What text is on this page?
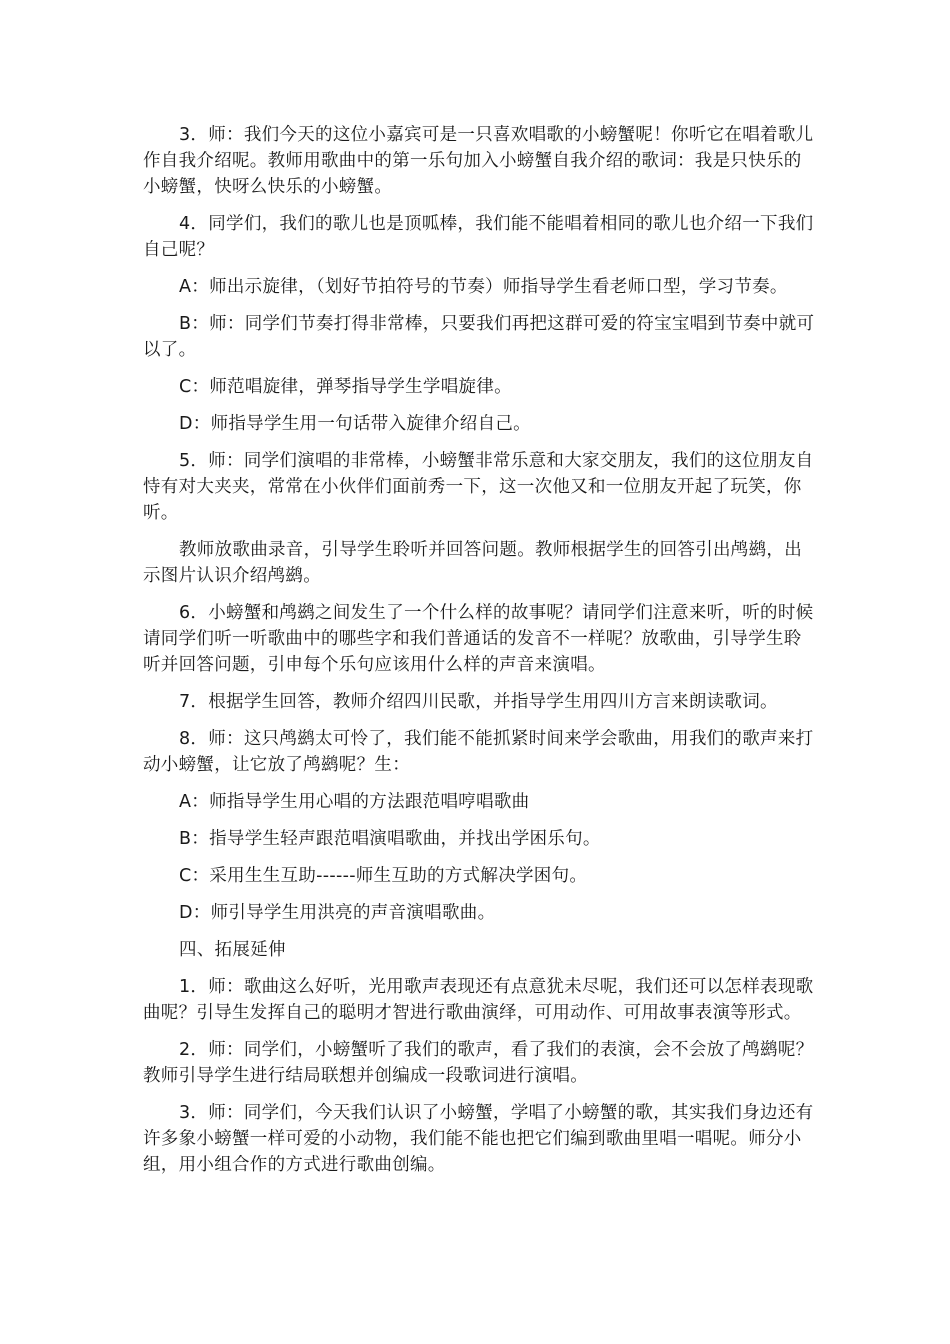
3．师：我们今天的这位小嘉宾可是一只喜欢唱歌的小螃蟹呢！你听它在唱着歌儿作自我介绍呢。教师用歌曲中的第一乐句加入小螃蟹自我介绍的歌词：我是只快乐的小螃蟹，快呀么快乐的小螃蟹。

4．同学们，我们的歌儿也是顶呱棒，我们能不能唱着相同的歌儿也介绍一下我们自己呢？

A：师出示旋律，（划好节拍符号的节奏）师指导学生看老师口型，学习节奏。

B：师：同学们节奏打得非常棒，只要我们再把这群可爱的符宝宝唱到节奏中就可以了。

C：师范唱旋律，弹琴指导学生学唱旋律。

D：师指导学生用一句话带入旋律介绍自己。

5．师：同学们演唱的非常棒，小螃蟹非常乐意和大家交朋友，我们的这位朋友自恃有对大夹夹，常常在小伙伴们面前秀一下，这一次他又和一位朋友开起了玩笑，你听。

教师放歌曲录音，引导学生聆听并回答问题。教师根据学生的回答引出鸬鹚，出示图片认识介绍鸬鹚。

6．小螃蟹和鸬鹚之间发生了一个什么样的故事呢？请同学们注意来听，听的时候请同学们听一听歌曲中的哪些字和我们普通话的发音不一样呢？放歌曲，引导学生聆听并回答问题，引申每个乐句应该用什么样的声音来演唱。

7．根据学生回答，教师介绍四川民歌，并指导学生用四川方言来朗读歌词。

8．师：这只鸬鹚太可怜了，我们能不能抓紧时间来学会歌曲，用我们的歌声来打动小螃蟹，让它放了鸬鹚呢？生：

A：师指导学生用心唱的方法跟范唱哼唱歌曲

B：指导学生轻声跟范唱演唱歌曲，并找出学困乐句。

C：采用生生互助------师生互助的方式解决学困句。

D：师引导学生用洪亮的声音演唱歌曲。

四、拓展延伸

1．师：歌曲这么好听，光用歌声表现还有点意犹未尽呢，我们还可以怎样表现歌曲呢？引导生发挥自己的聪明才智进行歌曲演绎，可用动作、可用故事表演等形式。

2．师：同学们，小螃蟹听了我们的歌声，看了我们的表演，会不会放了鸬鹚呢？教师引导学生进行结局联想并创编成一段歌词进行演唱。

3．师：同学们，今天我们认识了小螃蟹，学唱了小螃蟹的歌，其实我们身边还有许多象小螃蟹一样可爱的小动物，我们能不能也把它们编到歌曲里唱一唱呢。师分小组，用小组合作的方式进行歌曲创编。
